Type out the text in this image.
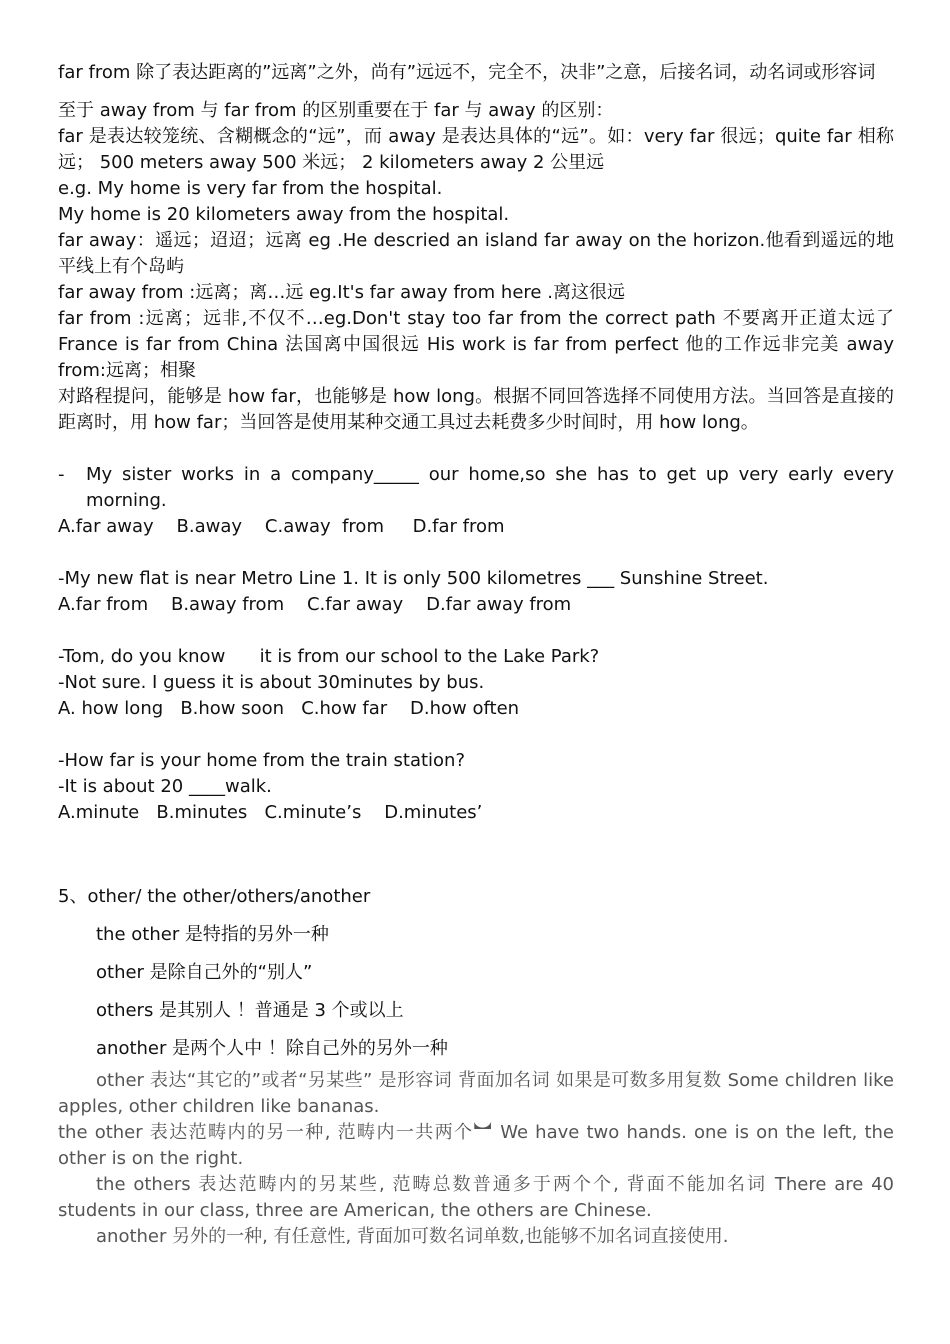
far from 除了表达距离的”远离”之外，尚有”远远不，完全不，决非”之意，后接名词，动名词或形容词

至于 away from 与 far from 的区别重要在于 far 与 away 的区别：

far 是表达较笼统、含糊概念的“远”，而 away 是表达具体的“远”。如：very far 很远；quite far 相称远； 500 meters away 500 米远； 2 kilometers away 2 公里远

e.g. My home is very far from the hospital.

My home is 20 kilometers away from the hospital.

far away：遥远；迢迢；远离 eg .He descried an island far away on the horizon.他看到遥远的地平线上有个岛屿

far away from :远离；离…远 eg.It's far away from here .离这很远

far from :远离；远非,不仅不…eg.Don't stay too far from the correct path 不要离开正道太远了 France is far from China 法国离中国很远 His work is far from perfect 他的工作远非完美 away from:远离；相聚

对路程提问，能够是 how far，也能够是 how long。根据不同回答选择不同使用方法。当回答是直接的距离时，用 how far；当回答是使用某种交通工具过去耗费多少时间时，用 how long。

-	My sister works in a company_____ our home,so she has to get up very early every morning.

A.far away    B.away    C.away  from     D.far from

-My new flat is near Metro Line 1. It is only 500 kilometres ___ Sunshine Street.

A.far from    B.away from    C.far away    D.far away from

-Tom, do you know      it is from our school to the Lake Park?

-Not sure. I guess it is about 30minutes by bus.

A. how long   B.how soon   C.how far    D.how often

-How far is your home from the train station?

-It is about 20 ____walk.

A.minute   B.minutes   C.minute’s    D.minutes’

5、other/ the other/others/another

the other 是特指的另外一种

other 是除自己外的“别人”

others 是其别人 ！普通是 3 个或以上

another 是两个人中 ！除自己外的另外一种

other 表达“其它的”或者“另某些” 是形容词 背面加名词 如果是可数多用复数 Some children like apples, other children like bananas.

the other 表达范畴内的另一种, 范畴内一共两个︼ We have two hands. one is on the left, the other is on the right.

the others 表达范畴内的另某些, 范畴总数普通多于两个个, 背面不能加名词 There are 40 students in our class, three are American, the others are Chinese.

another 另外的一种, 有任意性, 背面加可数名词单数,也能够不加名词直接使用.
